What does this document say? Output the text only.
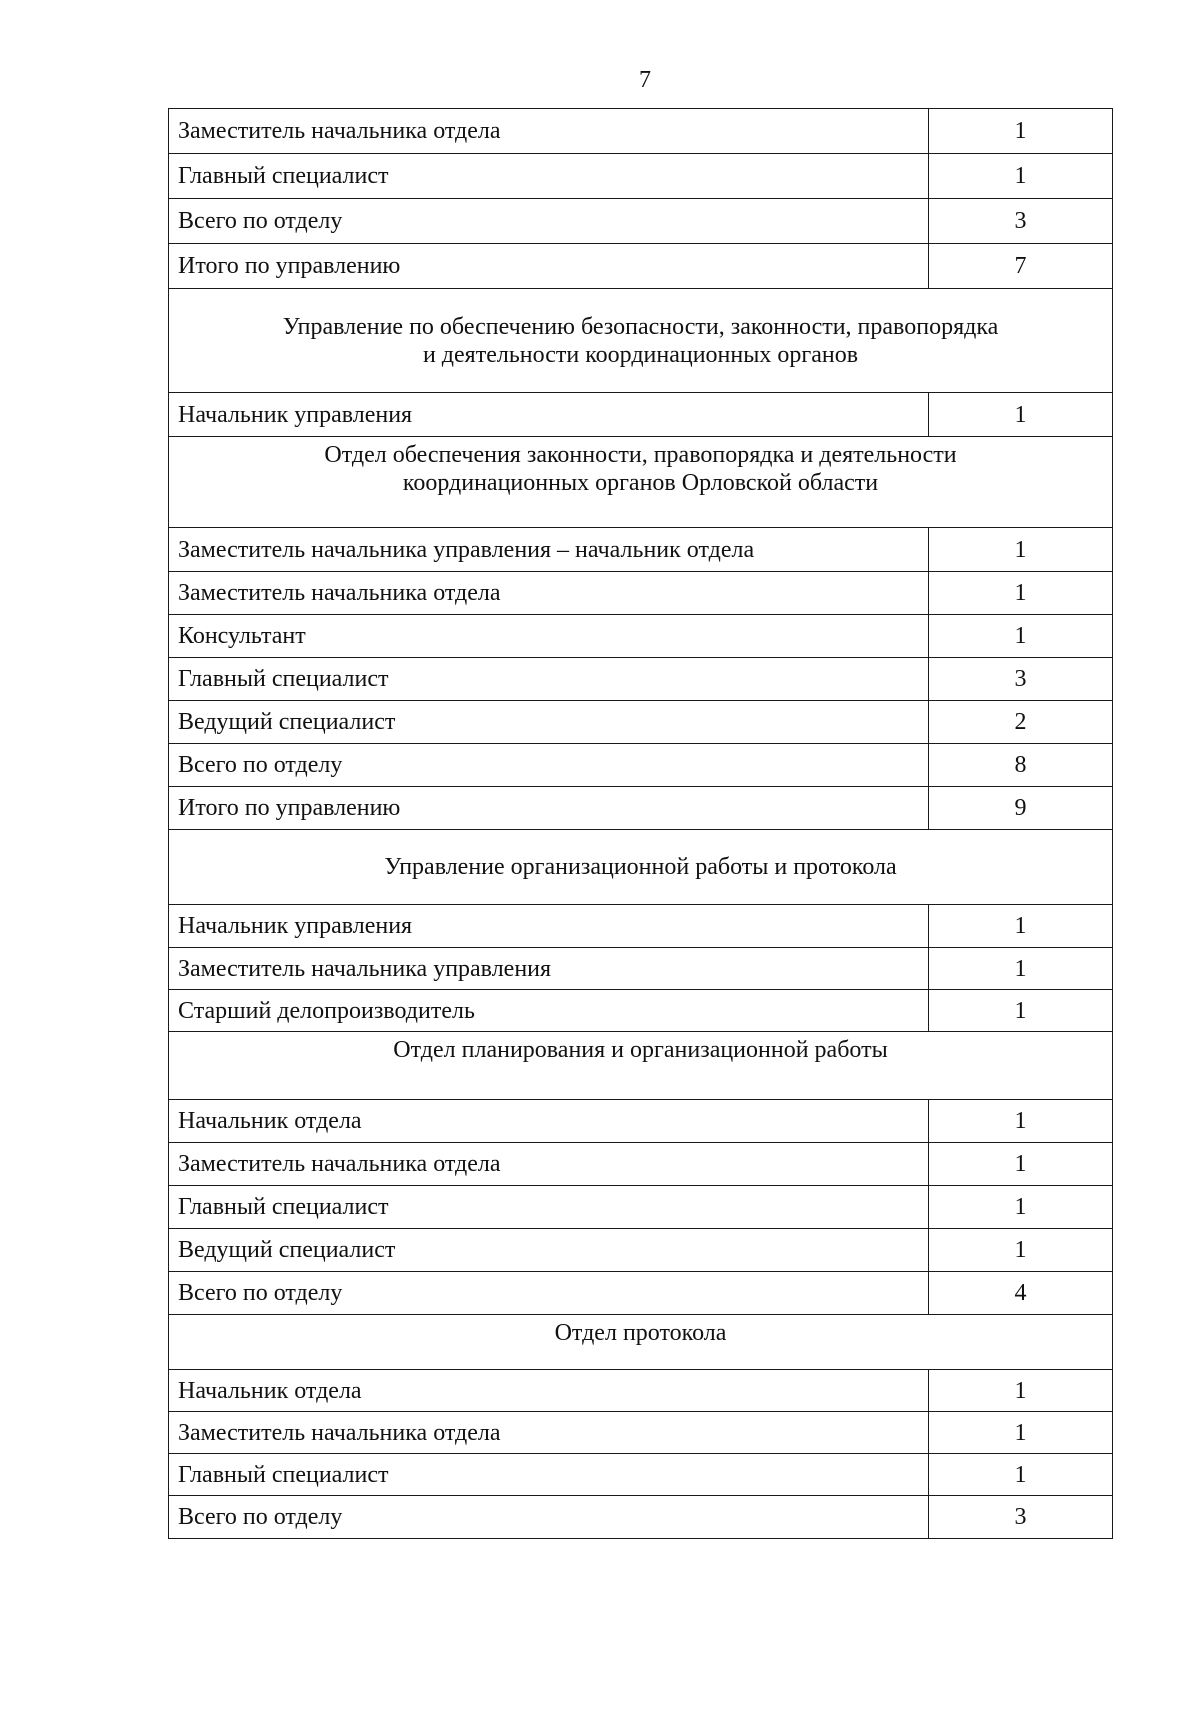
7
Заместитель начальника отдела	1
Главный специалист	1
Всего по отделу	3
Итого по управлению	7

Управление по обеспечению безопасности, законности, правопорядка
и деятельности координационных органов	

Начальник управления	1

Отдел обеспечения законности, правопорядка и деятельности
координационных органов Орловской области	

Заместитель начальника управления – начальник отдела	1
Заместитель начальника отдела	1
Консультант	1
Главный специалист	3
Ведущий специалист	2
Всего по отделу	8
Итого по управлению	9

Управление организационной работы и протокола	

Начальник управления	1
Заместитель начальника управления	1
Старший делопроизводитель	1

Отдел планирования и организационной работы	

Начальник отдела	1
Заместитель начальника отдела	1
Главный специалист	1
Ведущий специалист	1
Всего по отделу	4

Отдел протокола	

Начальник отдела	1
Заместитель начальника отдела	1
Главный специалист	1
Всего по отделу	3
